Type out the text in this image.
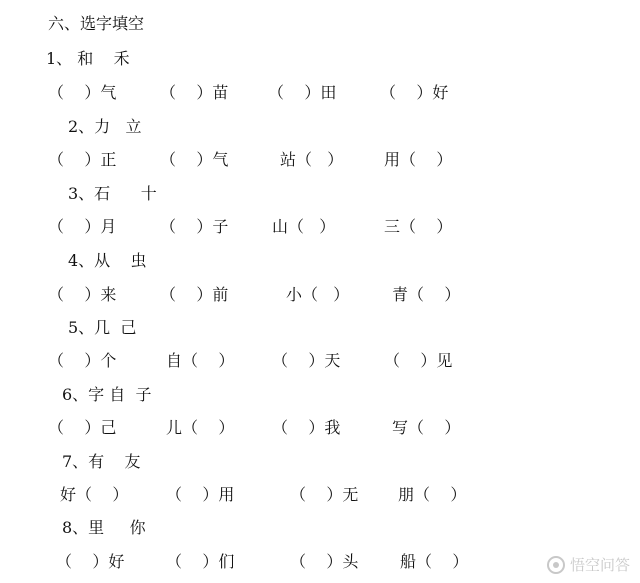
六、选字填空
1、 和    禾
（    ）气	（    ）苗 （    ）田	（    ）好
2、力   立
（    ）正	（    ）气	站（   ）	用（    ）
3、石      十
（    ）月	（    ）子	山（   ）	三（    ）
4、从    虫
（    ）来	（    ）前	小（   ）	青（    ）
5、几  己
（    ）个	自（    ） （    ）天	（    ）见
6、字 自  子
（    ）己	儿（    ） （    ）我	写（    ）
7、有    友
好（    ） （    ）用	（    ）无 朋（    ）
8、里     你
（    ）好	（    ）们	（    ）头	船（    ）	悟空问答
